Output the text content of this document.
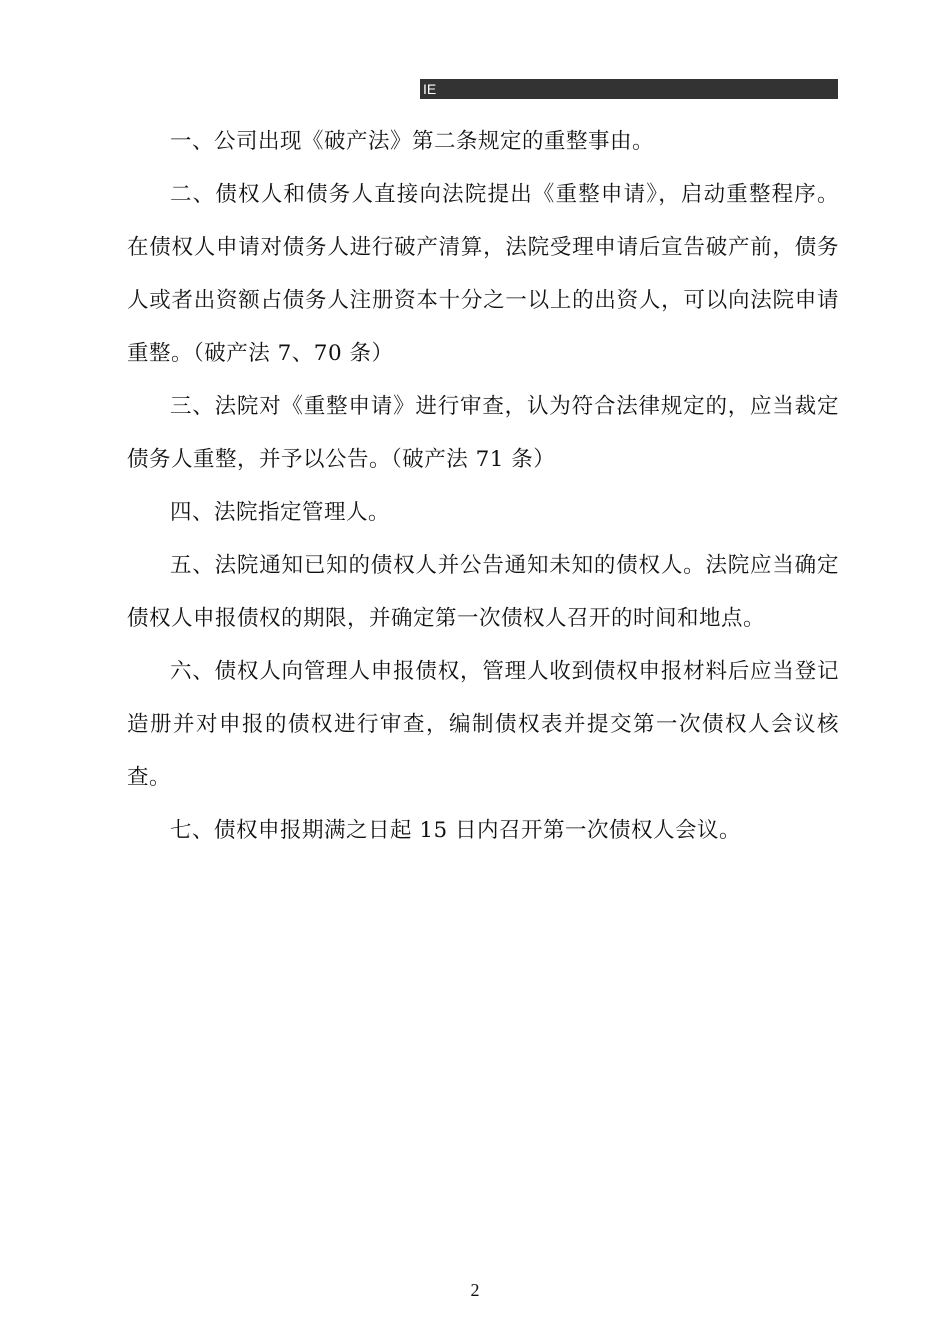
IE

一、公司出现《破产法》第二条规定的重整事由。

二、债权人和债务人直接向法院提出《重整申请》，启动重整程序。在债权人申请对债务人进行破产清算，法院受理申请后宣告破产前，债务人或者出资额占债务人注册资本十分之一以上的出资人，可以向法院申请重整。（破产法 7、70 条）

三、法院对《重整申请》进行审查，认为符合法律规定的，应当裁定债务人重整，并予以公告。（破产法 71 条）

四、法院指定管理人。

五、法院通知已知的债权人并公告通知未知的债权人。法院应当确定债权人申报债权的期限，并确定第一次债权人召开的时间和地点。

六、债权人向管理人申报债权，管理人收到债权申报材料后应当登记造册并对申报的债权进行审查，编制债权表并提交第一次债权人会议核查。

七、债权申报期满之日起 15 日内召开第一次债权人会议。

2
